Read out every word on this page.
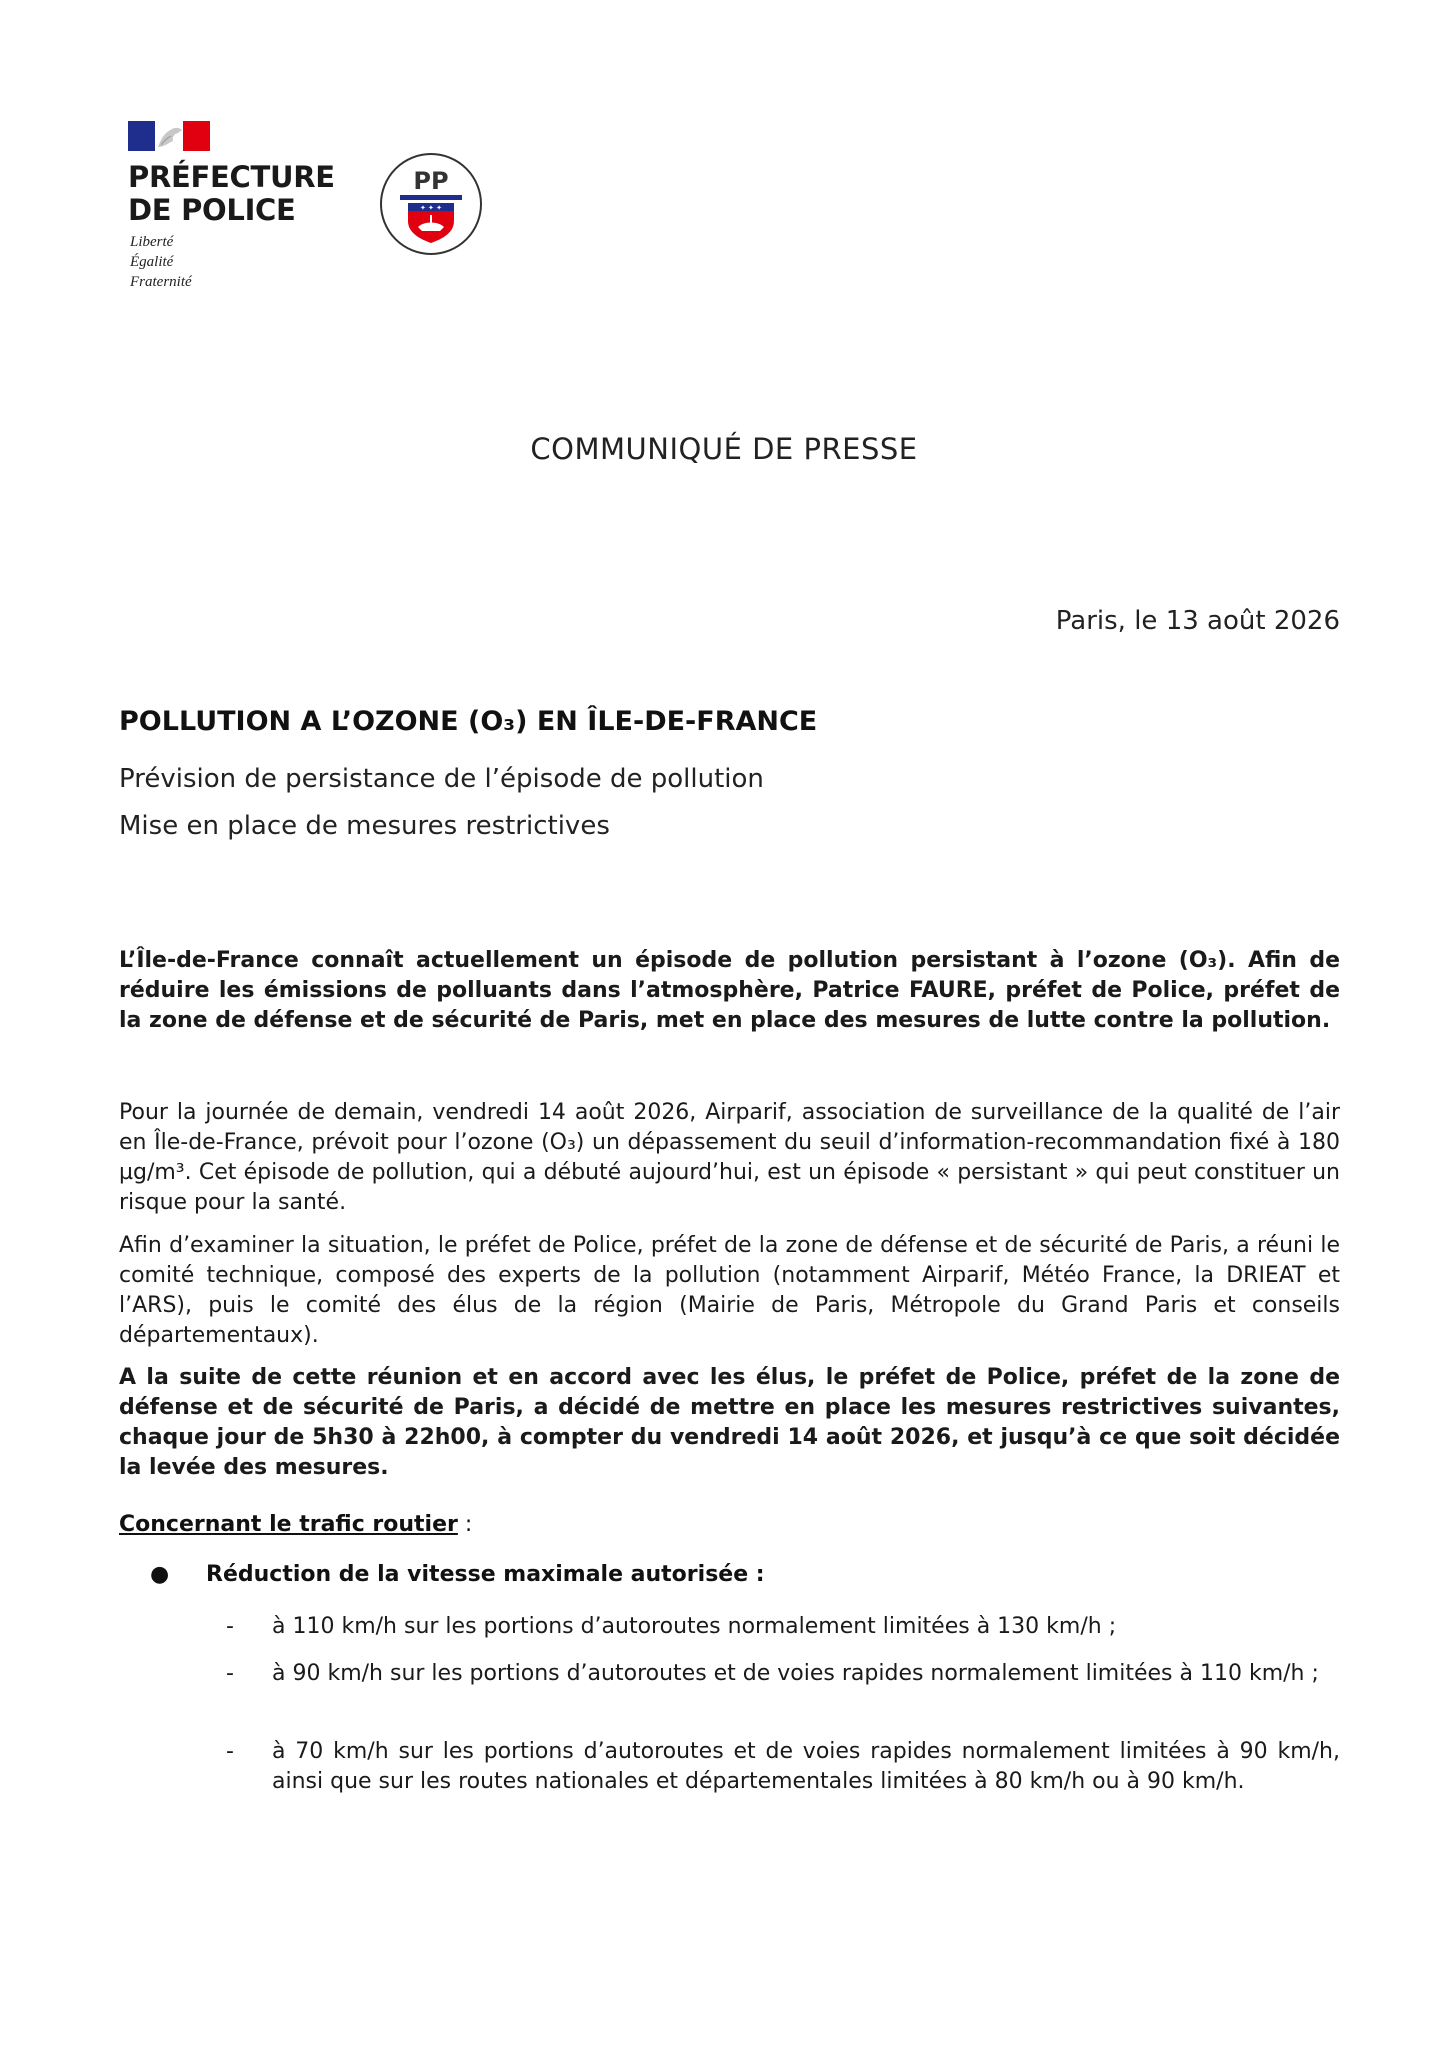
PRÉFECTURE
DE POLICE
Liberté
Égalité
Fraternité
PP
✦ ✦ ✦
COMMUNIQUÉ DE PRESSE
Paris, le 13 août 2026
POLLUTION A L’OZONE (O₃) EN ÎLE-DE-FRANCE
Prévision de persistance de l’épisode de pollution
Mise en place de mesures restrictives
L’Île-de-France connaît actuellement un épisode de pollution persistant à l’ozone (O₃). Afin de réduire les émissions de polluants dans l’atmosphère, Patrice FAURE, préfet de Police, préfet de la zone de défense et de sécurité de Paris, met en place des mesures de lutte contre la pollution.
Pour la journée de demain, vendredi 14 août 2026, Airparif, association de surveillance de la qualité de l’air en Île-de-France, prévoit pour l’ozone (O₃) un dépassement du seuil d’information-recommandation fixé à 180 µg/m³. Cet épisode de pollution, qui a débuté aujourd’hui, est un épisode « persistant » qui peut constituer un risque pour la santé.
Afin d’examiner la situation, le préfet de Police, préfet de la zone de défense et de sécurité de Paris, a réuni le comité technique, composé des experts de la pollution (notamment Airparif, Météo France, la DRIEAT et l’ARS), puis le comité des élus de la région (Mairie de Paris, Métropole du Grand Paris et conseils départementaux).
A la suite de cette réunion et en accord avec les élus, le préfet de Police, préfet de la zone de défense et de sécurité de Paris, a décidé de mettre en place les mesures restrictives suivantes, chaque jour de 5h30 à 22h00, à compter du vendredi 14 août 2026, et jusqu’à ce que soit décidée la levée des mesures.
Concernant le trafic routier :
● Réduction de la vitesse maximale autorisée :
- à 110 km/h sur les portions d’autoroutes normalement limitées à 130 km/h ;
- à 90 km/h sur les portions d’autoroutes et de voies rapides normalement limitées à 110 km/h ;
- à 70 km/h sur les portions d’autoroutes et de voies rapides normalement limitées à 90 km/h, ainsi que sur les routes nationales et départementales limitées à 80 km/h ou à 90 km/h.
